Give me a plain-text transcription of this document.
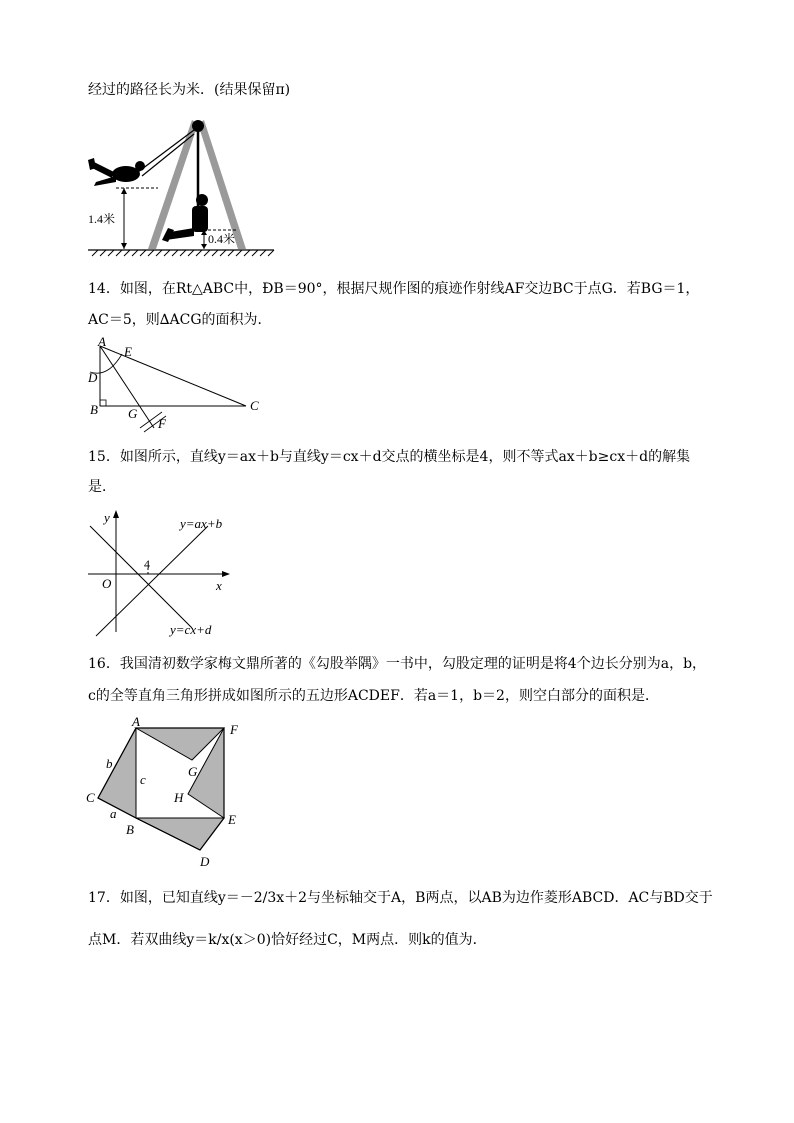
经过的路径长为米．(结果保留π)
1.4米
0.4米
14．如图，在Rt△ABC中，ÐB＝90°，根据尺规作图的痕迹作射线AF交边BC于点G．若BG＝1，
AC＝5，则∆ACG的面积为．
A
E
D
B G
F
C
15．如图所示，直线y＝ax＋b与直线y＝cx＋d交点的横坐标是4，则不等式ax＋b≥cx＋d的解集
是．
y
x
O
4
y=ax+b
y=cx+d
16．我国清初数学家梅文鼎所著的《勾股举隅》一书中，勾股定理的证明是将4个边长分别为a，b，
c的全等直角三角形拼成如图所示的五边形ACDEF．若a＝1，b＝2，则空白部分的面积是．
A
F
b
c
G
H
C
a
B
E
D
17．如图，已知直线y＝－2/3x＋2与坐标轴交于A，B两点，以AB为边作菱形ABCD．AC与BD交于
点M．若双曲线y＝k/x(x＞0)恰好经过C，M两点．则k的值为．
